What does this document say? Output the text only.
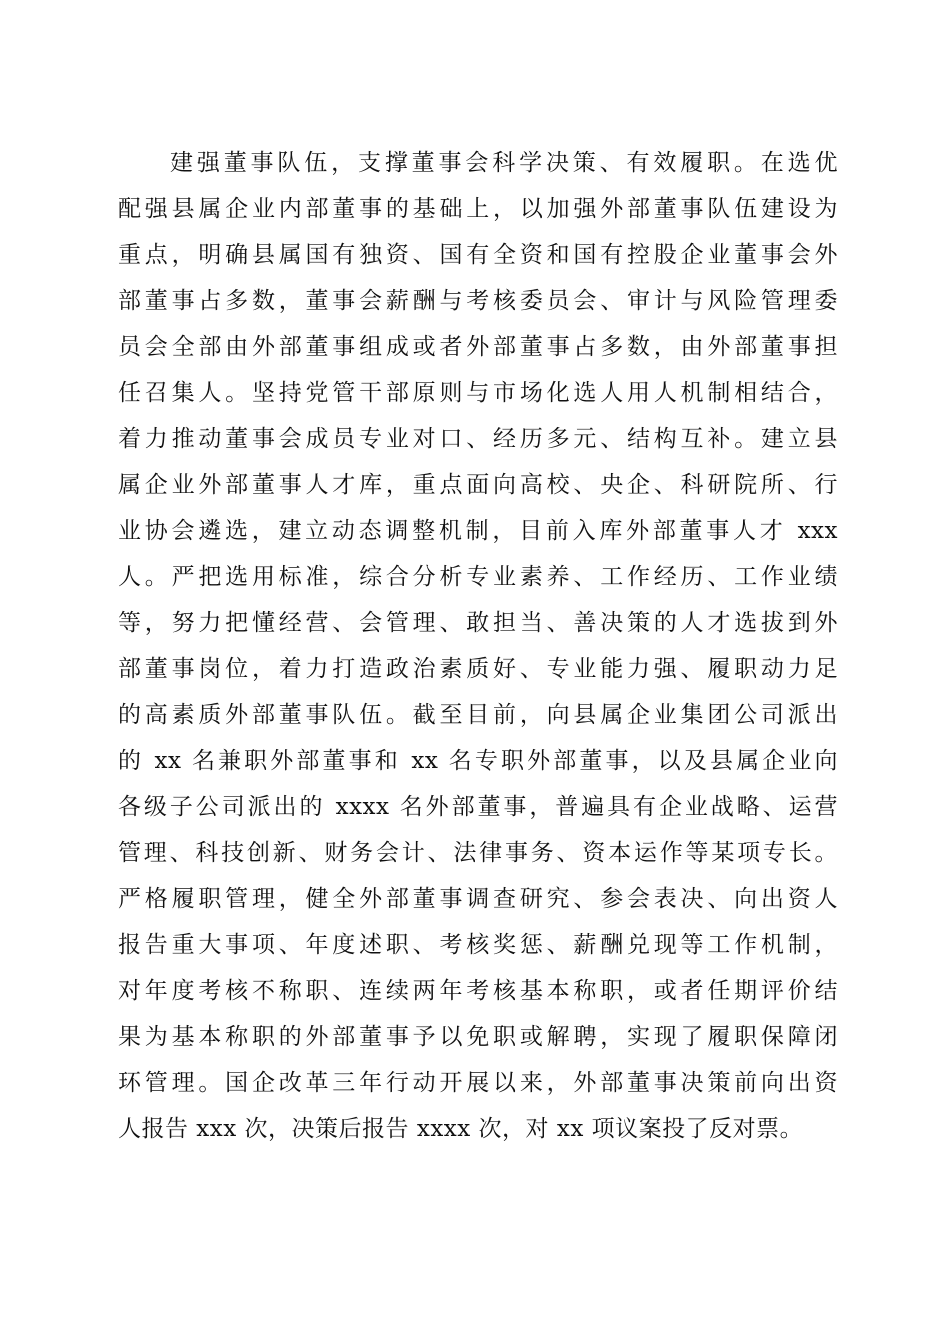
建强董事队伍，支撑董事会科学决策、有效履职。在选优
配强县属企业内部董事的基础上，以加强外部董事队伍建设为
重点，明确县属国有独资、国有全资和国有控股企业董事会外
部董事占多数，董事会薪酬与考核委员会、审计与风险管理委
员会全部由外部董事组成或者外部董事占多数，由外部董事担
任召集人。坚持党管干部原则与市场化选人用人机制相结合，
着力推动董事会成员专业对口、经历多元、结构互补。建立县
属企业外部董事人才库，重点面向高校、央企、科研院所、行
业协会遴选，建立动态调整机制，目前入库外部董事人才 xxx
人。严把选用标准，综合分析专业素养、工作经历、工作业绩
等，努力把懂经营、会管理、敢担当、善决策的人才选拔到外
部董事岗位，着力打造政治素质好、专业能力强、履职动力足
的高素质外部董事队伍。截至目前，向县属企业集团公司派出
的 xx 名兼职外部董事和 xx 名专职外部董事，以及县属企业向
各级子公司派出的 xxxx 名外部董事，普遍具有企业战略、运营
管理、科技创新、财务会计、法律事务、资本运作等某项专长。
严格履职管理，健全外部董事调查研究、参会表决、向出资人
报告重大事项、年度述职、考核奖惩、薪酬兑现等工作机制，
对年度考核不称职、连续两年考核基本称职，或者任期评价结
果为基本称职的外部董事予以免职或解聘，实现了履职保障闭
环管理。国企改革三年行动开展以来，外部董事决策前向出资
人报告 xxx 次，决策后报告 xxxx 次，对 xx 项议案投了反对票。
